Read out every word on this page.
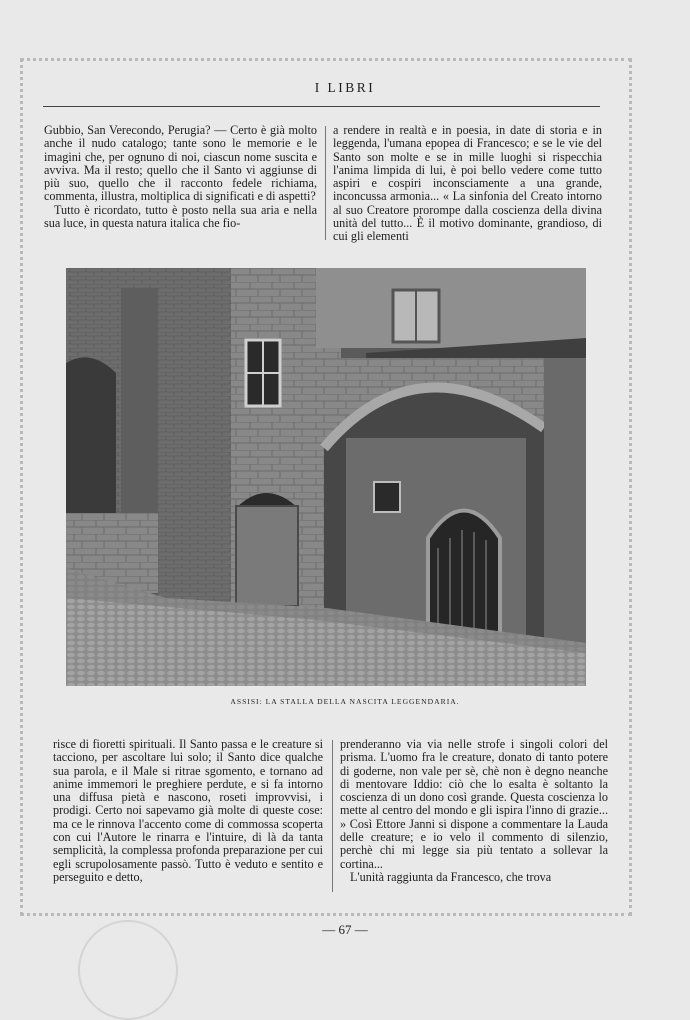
I LIBRI

Gubbio, San Verecondo, Perugia? — Certo è già molto anche il nudo catalogo; tante sono le memorie e le imagini che, per ognuno di noi, ciascun nome suscita e avviva. Ma il resto; quello che il Santo vi aggiunse di più suo, quello che il racconto fedele richiama, commenta, illustra, moltiplica di significati e di aspetti?

Tutto è ricordato, tutto è posto nella sua aria e nella sua luce, in questa natura italica che fio-

a rendere in realtà e in poesia, in date di storia e in leggenda, l'umana epopea di Francesco; e se le vie del Santo son molte e se in mille luoghi si rispecchia l'anima limpida di lui, è poi bello vedere come tutto aspiri e cospiri inconsciamente a una grande, inconcussa armonia... « La sinfonia del Creato intorno al suo Creatore prorompe dalla coscienza della divina unità del tutto... È il motivo dominante, grandioso, di cui gli elementi

ASSISI: LA STALLA DELLA NASCITA LEGGENDARIA.

risce di fioretti spirituali. Il Santo passa e le creature si tacciono, per ascoltare lui solo; il Santo dice qualche sua parola, e il Male si ritrae sgomento, e tornano ad anime immemori le preghiere perdute, e si fa intorno una diffusa pietà e nascono, roseti improvvisi, i prodigi. Certo noi sapevamo già molte di queste cose: ma ce le rinnova l'accento come di commossa scoperta con cui l'Autore le rinarra e l'intuire, di là da tanta semplicità, la complessa profonda preparazione per cui egli scrupolosamente passò. Tutto è veduto e sentito e perseguito e detto,

prenderanno via via nelle strofe i singoli colori del prisma. L'uomo fra le creature, donato di tanto potere di goderne, non vale per sè, chè non è degno neanche di mentovare Iddio: ciò che lo esalta è soltanto la coscienza di un dono così grande. Questa coscienza lo mette al centro del mondo e gli ispira l'inno di grazie... » Così Ettore Janni si dispone a commentare la Lauda delle creature; e io velo il commento di silenzio, perchè chi mi legge sia più tentato a sollevar la cortina...

L'unità raggiunta da Francesco, che trova

— 67 —
